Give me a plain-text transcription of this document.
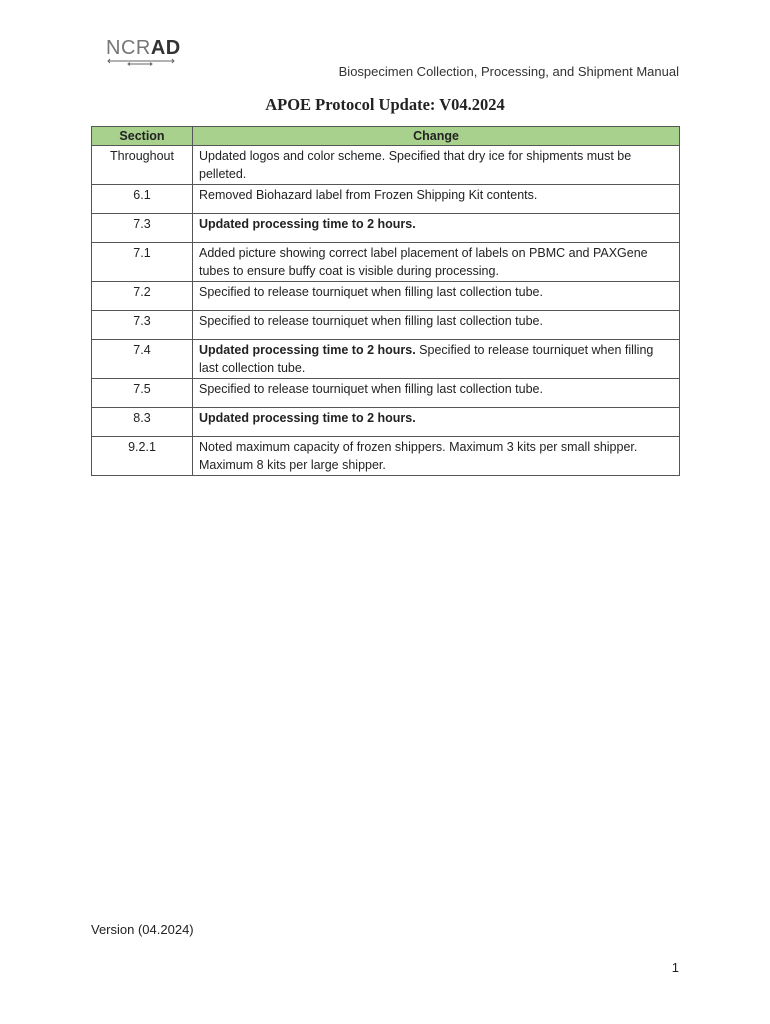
NCRAD
Biospecimen Collection, Processing, and Shipment Manual
APOE Protocol Update: V04.2024
Section	Change
Throughout	Updated logos and color scheme. Specified that dry ice for shipments must be pelleted.
6.1	Removed Biohazard label from Frozen Shipping Kit contents.
7.3	Updated processing time to 2 hours.
7.1	Added picture showing correct label placement of labels on PBMC and PAXGene tubes to ensure buffy coat is visible during processing.
7.2	Specified to release tourniquet when filling last collection tube.
7.3	Specified to release tourniquet when filling last collection tube.
7.4	Updated processing time to 2 hours. Specified to release tourniquet when filling last collection tube.
7.5	Specified to release tourniquet when filling last collection tube.
8.3	Updated processing time to 2 hours.
9.2.1	Noted maximum capacity of frozen shippers. Maximum 3 kits per small shipper. Maximum 8 kits per large shipper.
Version (04.2024)
1
